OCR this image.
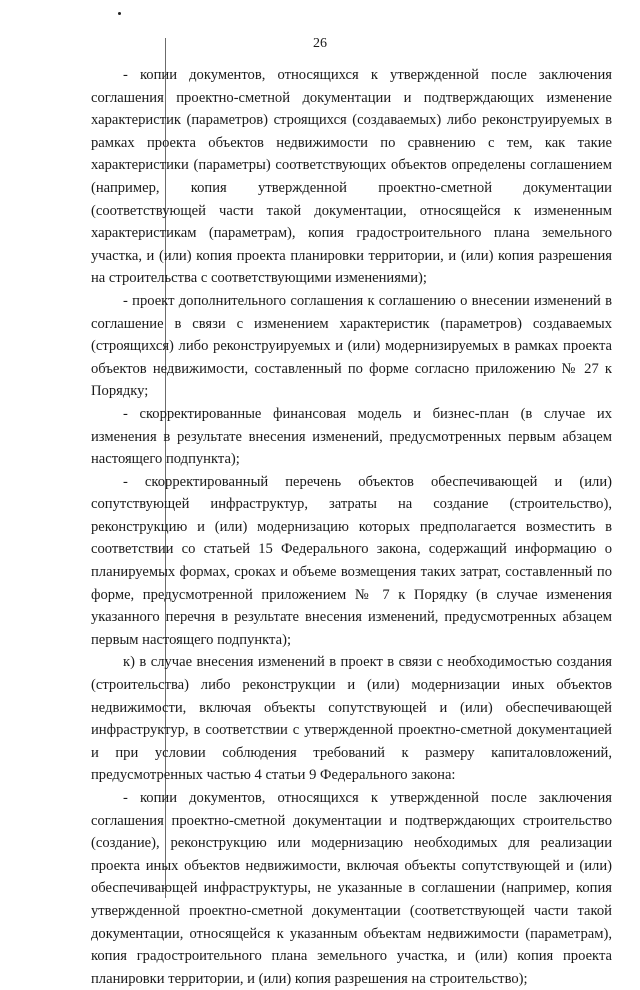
26

- копии документов, относящихся к утвержденной после заключения соглашения проектно-сметной документации и подтверждающих изменение характеристик (параметров) строящихся (создаваемых) либо реконструируемых в рамках проекта объектов недвижимости по сравнению с тем, как такие характеристики (параметры) соответствующих объектов определены соглашением (например, копия утвержденной проектно-сметной документации (соответствующей части такой документации, относящейся к измененным характеристикам (параметрам), копия градостроительного плана земельного участка, и (или) копия проекта планировки территории, и (или) копия разрешения на строительства с соответствующими изменениями);

- проект дополнительного соглашения к соглашению о внесении изменений в соглашение в связи с изменением характеристик (параметров) создаваемых (строящихся) либо реконструируемых и (или) модернизируемых в рамках проекта объектов недвижимости, составленный по форме согласно приложению № 27 к Порядку;

- скорректированные финансовая модель и бизнес-план (в случае их изменения в результате внесения изменений, предусмотренных первым абзацем настоящего подпункта);

- скорректированный перечень объектов обеспечивающей и (или) сопутствующей инфраструктур, затраты на создание (строительство), реконструкцию и (или) модернизацию которых предполагается возместить в соответствии со статьей 15 Федерального закона, содержащий информацию о планируемых формах, сроках и объеме возмещения таких затрат, составленный по форме, предусмотренной приложением № 7 к Порядку (в случае изменения указанного перечня в результате внесения изменений, предусмотренных абзацем первым настоящего подпункта);

к) в случае внесения изменений в проект в связи с необходимостью создания (строительства) либо реконструкции и (или) модернизации иных объектов недвижимости, включая объекты сопутствующей и (или) обеспечивающей инфраструктур, в соответствии с утвержденной проектно-сметной документацией и при условии соблюдения требований к размеру капиталовложений, предусмотренных частью 4 статьи 9 Федерального закона:

- копии документов, относящихся к утвержденной после заключения соглашения проектно-сметной документации и подтверждающих строительство (создание), реконструкцию или модернизацию необходимых для реализации проекта иных объектов недвижимости, включая объекты сопутствующей и (или) обеспечивающей инфраструктуры, не указанные в соглашении (например, копия утвержденной проектно-сметной документации (соответствующей части такой документации, относящейся к указанным объектам недвижимости (параметрам), копия градостроительного плана земельного участка, и (или) копия проекта планировки территории, и (или) копия разрешения на строительство);
